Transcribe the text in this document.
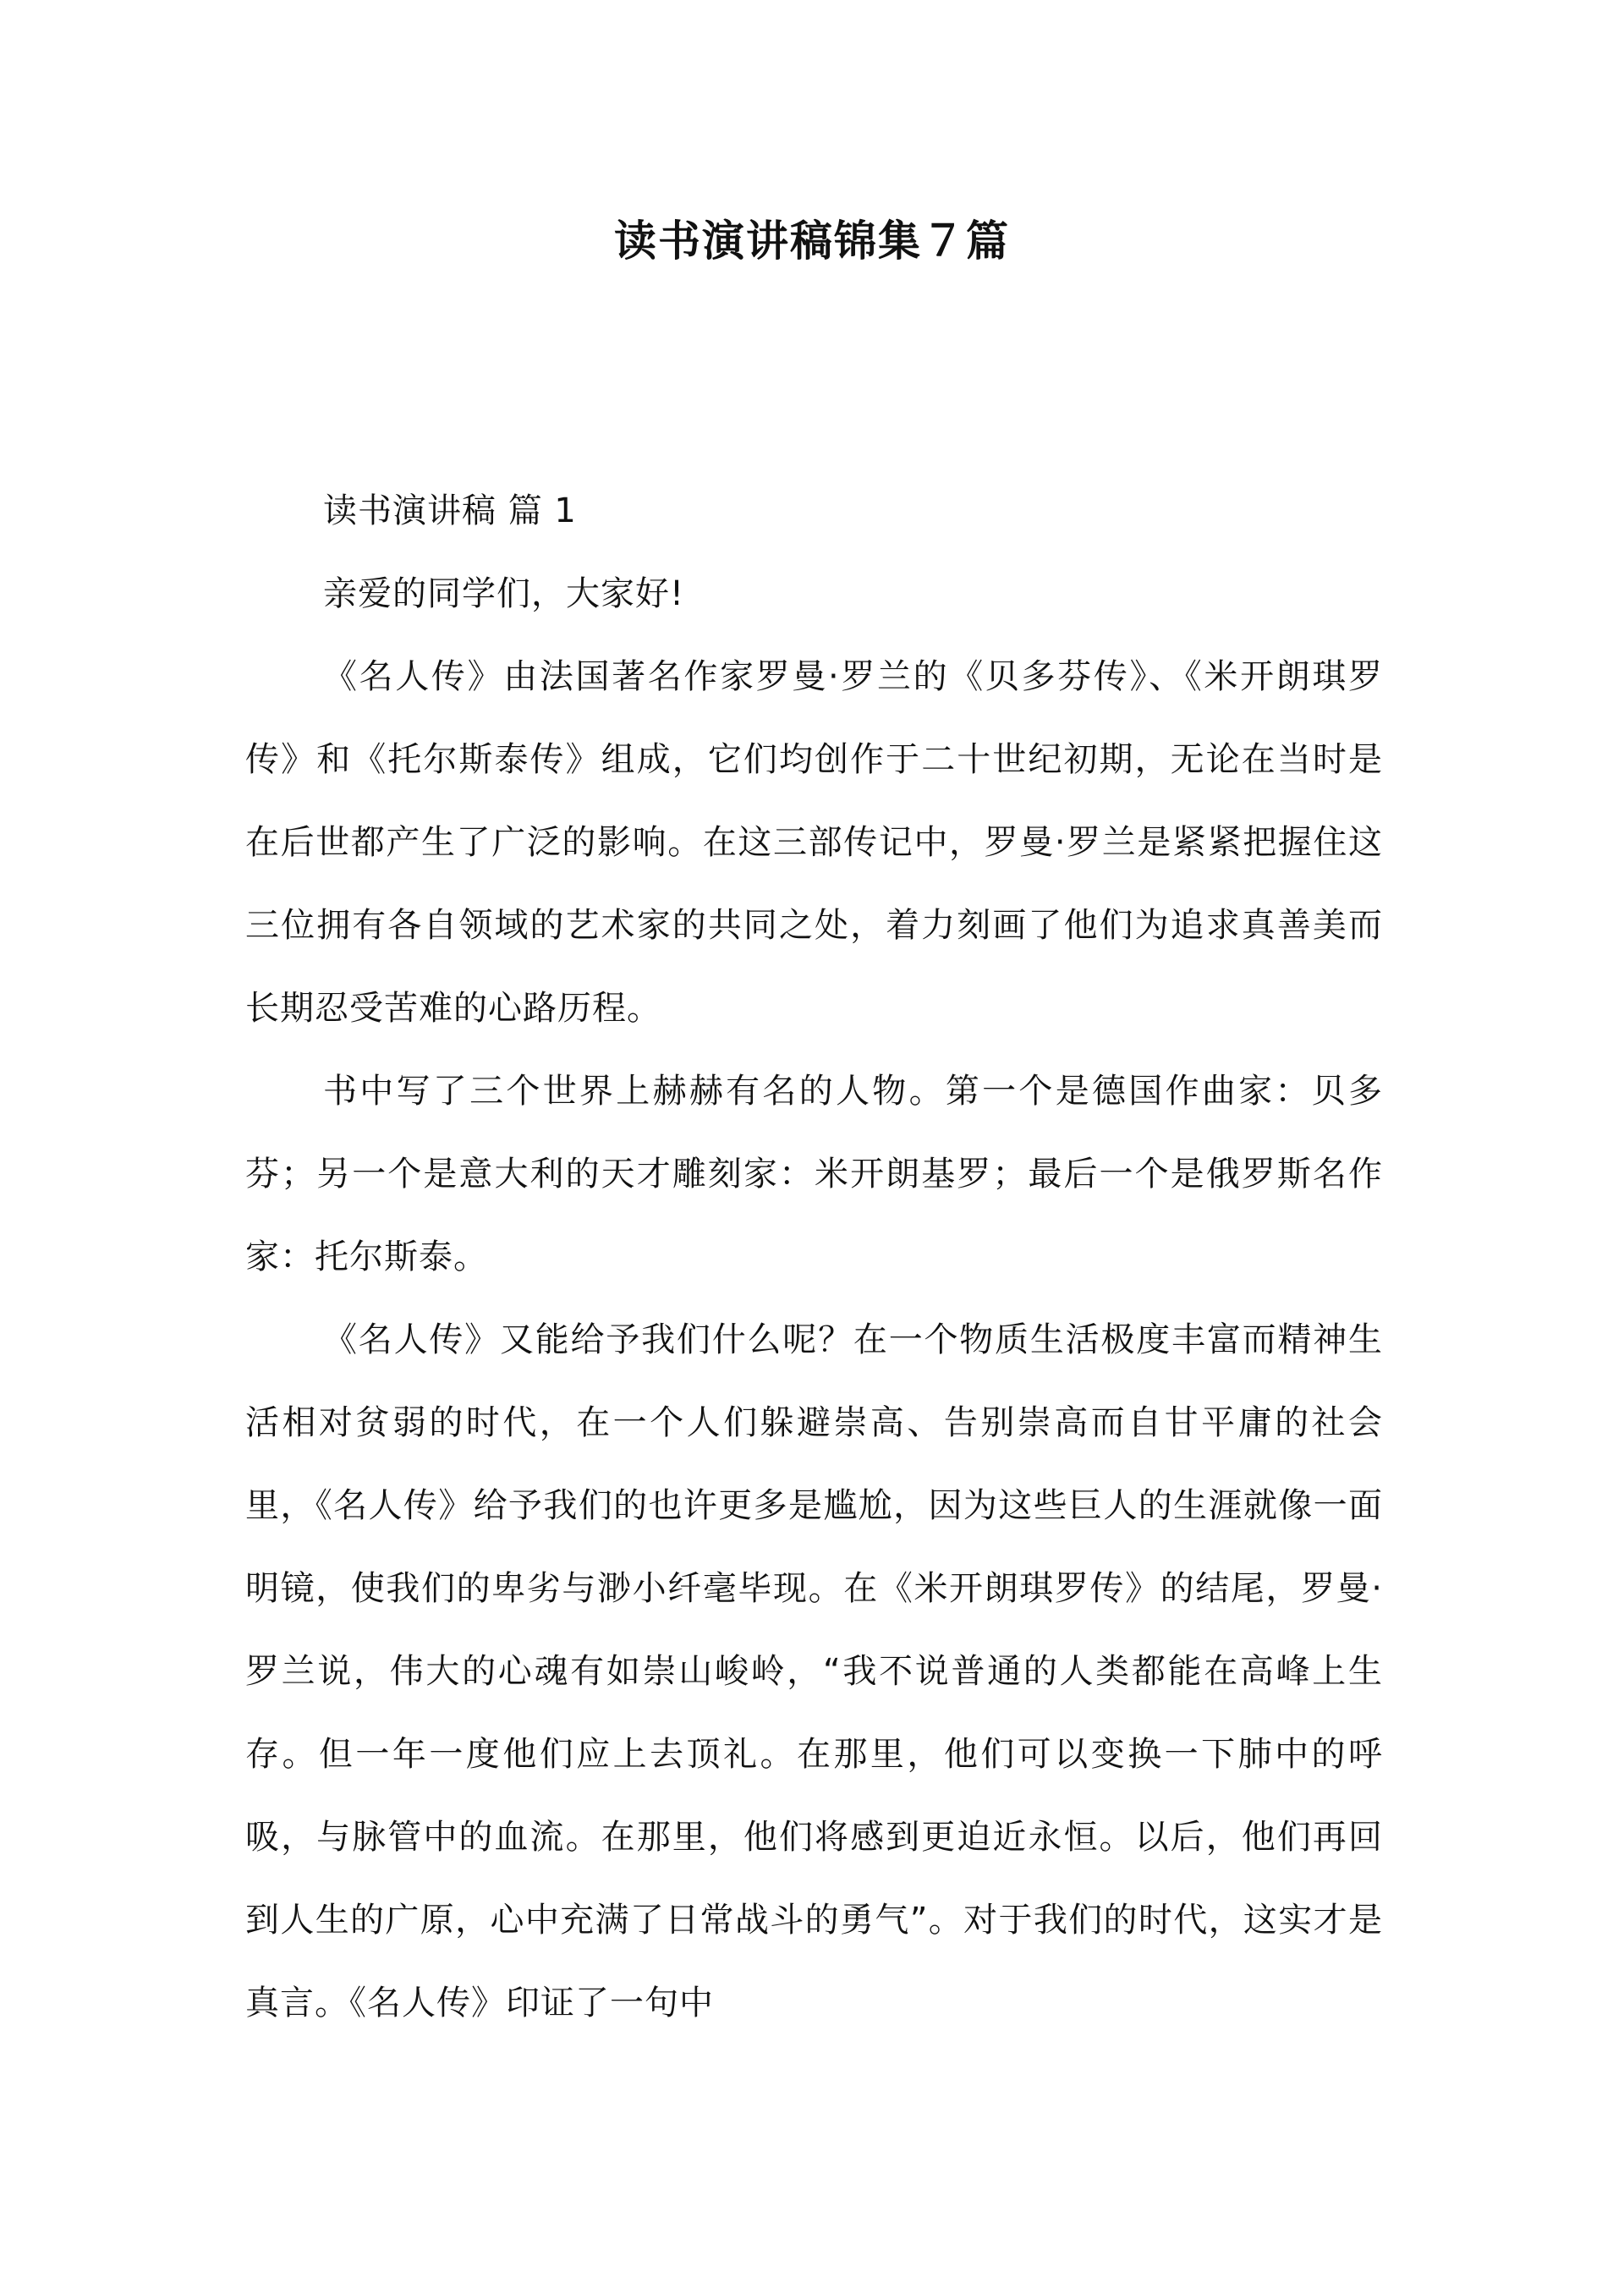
读书演讲稿锦集７篇

读书演讲稿 篇 1

亲爱的同学们，大家好!

《名人传》由法国著名作家罗曼·罗兰的《贝多芬传》、《米开朗琪罗传》和《托尔斯泰传》组成，它们均创作于二十世纪初期，无论在当时是在后世都产生了广泛的影响。在这三部传记中，罗曼·罗兰是紧紧把握住这三位拥有各自领域的艺术家的共同之处，着力刻画了他们为追求真善美而长期忍受苦难的心路历程。

书中写了三个世界上赫赫有名的人物。第一个是德国作曲家：贝多芬；另一个是意大利的天才雕刻家：米开朗基罗；最后一个是俄罗斯名作家：托尔斯泰。

《名人传》又能给予我们什么呢？在一个物质生活极度丰富而精神生活相对贫弱的时代，在一个人们躲避崇高、告别崇高而自甘平庸的社会里，《名人传》给予我们的也许更多是尴尬，因为这些巨人的生涯就像一面明镜，使我们的卑劣与渺小纤毫毕现。在《米开朗琪罗传》的结尾，罗曼·罗兰说，伟大的心魂有如崇山峻岭，“我不说普通的人类都能在高峰上生存。但一年一度他们应上去顶礼。在那里，他们可以变换一下肺中的呼吸，与脉管中的血流。在那里，他们将感到更迫近永恒。以后，他们再回到人生的广原，心中充满了日常战斗的勇气”。对于我们的时代，这实才是真言。《名人传》印证了一句中
